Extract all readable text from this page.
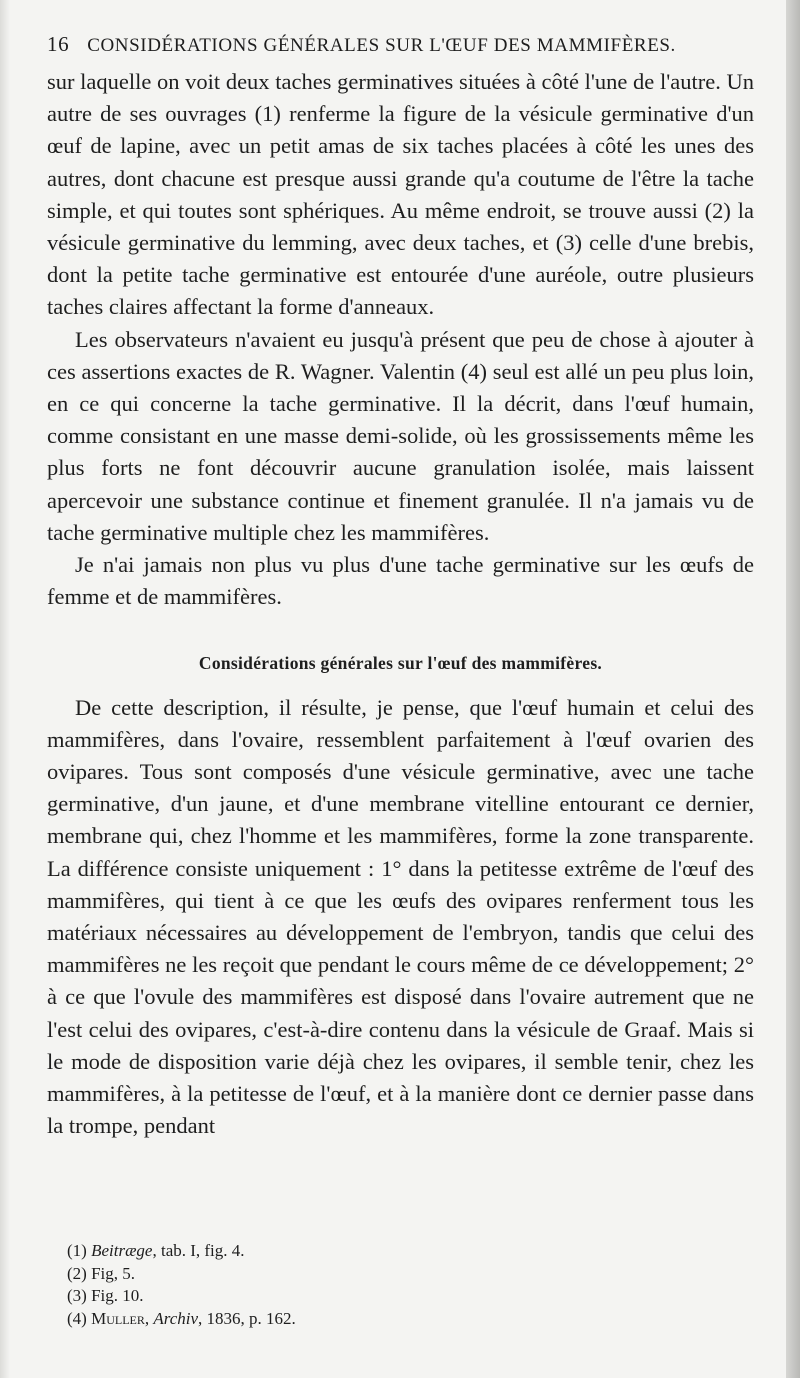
16 CONSIDÉRATIONS GÉNÉRALES SUR L'ŒUF DES MAMMIFÈRES.

sur laquelle on voit deux taches germinatives situées à côté l'une de l'autre. Un autre de ses ouvrages (1) renferme la figure de la vésicule germinative d'un œuf de lapine, avec un petit amas de six taches placées à côté les unes des autres, dont chacune est presque aussi grande qu'a coutume de l'être la tache simple, et qui toutes sont sphériques. Au même endroit, se trouve aussi (2) la vésicule germinative du lemming, avec deux taches, et (3) celle d'une brebis, dont la petite tache germinative est entourée d'une auréole, outre plusieurs taches claires affectant la forme d'anneaux.

Les observateurs n'avaient eu jusqu'à présent que peu de chose à ajouter à ces assertions exactes de R. Wagner. Valentin (4) seul est allé un peu plus loin, en ce qui concerne la tache germinative. Il la décrit, dans l'œuf humain, comme consistant en une masse demi-solide, où les grossissements même les plus forts ne font découvrir aucune granulation isolée, mais laissent apercevoir une substance continue et finement granulée. Il n'a jamais vu de tache germinative multiple chez les mammifères.

Je n'ai jamais non plus vu plus d'une tache germinative sur les œufs de femme et de mammifères.

Considérations générales sur l'œuf des mammifères.

De cette description, il résulte, je pense, que l'œuf humain et celui des mammifères, dans l'ovaire, ressemblent parfaitement à l'œuf ovarien des ovipares. Tous sont composés d'une vésicule germinative, avec une tache germinative, d'un jaune, et d'une membrane vitelline entourant ce dernier, membrane qui, chez l'homme et les mammifères, forme la zone transparente. La différence consiste uniquement : 1° dans la petitesse extrême de l'œuf des mammifères, qui tient à ce que les œufs des ovipares renferment tous les matériaux nécessaires au développement de l'embryon, tandis que celui des mammifères ne les reçoit que pendant le cours même de ce développement; 2° à ce que l'ovule des mammifères est disposé dans l'ovaire autrement que ne l'est celui des ovipares, c'est-à-dire contenu dans la vésicule de Graaf. Mais si le mode de disposition varie déjà chez les ovipares, il semble tenir, chez les mammifères, à la petitesse de l'œuf, et à la manière dont ce dernier passe dans la trompe, pendant

(1) Beitræge, tab. I, fig. 4.
(2) Fig, 5.
(3) Fig. 10.
(4) Muller, Archiv, 1836, p. 162.
